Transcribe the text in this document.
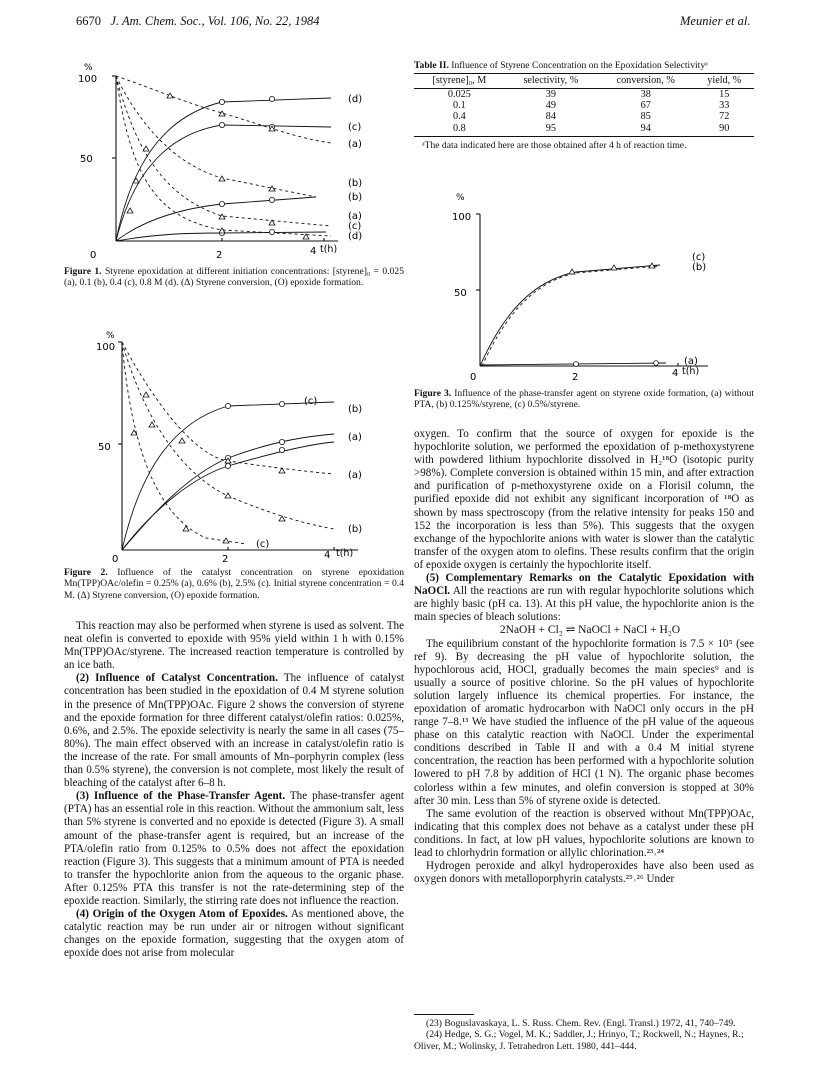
6670 J. Am. Chem. Soc., Vol. 106, No. 22, 1984	Meunier et al.
%
100
50
0	2	4 t(h)
(d)
(c)
(a)
(b)
(b)
(a)
(c)
(d)
Figure 1. Styrene epoxidation at different initiation concentrations: [styrene]₀ = 0.025 (a), 0.1 (b), 0.4 (c), 0.8 M (d). (Δ) Styrene conversion, (O) epoxide formation.
%
100
50
0	2	4 t(h)
(c)
(b)
(a)
(a)
(b)
(c)
Figure 2. Influence of the catalyst concentration on styrene epoxidation Mn(TPP)OAc/olefin = 0.25% (a), 0.6% (b), 2.5% (c). Initial styrene concentration = 0.4 M. (Δ) Styrene conversion, (O) epoxide formation.

This reaction may also be performed when styrene is used as solvent. The neat olefin is converted to epoxide with 95% yield within 1 h with 0.15% Mn(TPP)OAc/styrene. The increased reaction temperature is controlled by an ice bath.

(2) Influence of Catalyst Concentration. The influence of catalyst concentration has been studied in the epoxidation of 0.4 M styrene solution in the presence of Mn(TPP)OAc. Figure 2 shows the conversion of styrene and the epoxide formation for three different catalyst/olefin ratios: 0.025%, 0.6%, and 2.5%. The epoxide selectivity is nearly the same in all cases (75–80%). The main effect observed with an increase in catalyst/olefin ratio is the increase of the rate. For small amounts of Mn–porphyrin complex (less than 0.5% styrene), the conversion is not complete, most likely the result of bleaching of the catalyst after 6–8 h.

(3) Influence of the Phase-Transfer Agent. The phase-transfer agent (PTA) has an essential role in this reaction. Without the ammonium salt, less than 5% styrene is converted and no epoxide is detected (Figure 3). A small amount of the phase-transfer agent is required, but an increase of the PTA/olefin ratio from 0.125% to 0.5% does not affect the epoxidation reaction (Figure 3). This suggests that a minimum amount of PTA is needed to transfer the hypochlorite anion from the aqueous to the organic phase. After 0.125% PTA this transfer is not the rate-determining step of the epoxide reaction. Similarly, the stirring rate does not influence the reaction.

(4) Origin of the Oxygen Atom of Epoxides. As mentioned above, the catalytic reaction may be run under air or nitrogen without significant changes on the epoxide formation, suggesting that the oxygen atom of epoxide does not arise from molecular

Table II. Influence of Styrene Concentration on the Epoxidation Selectivityᵃ
[styrene]₀, M	selectivity, %	conversion, %	yield, %
0.025	39	38	15
0.1	49	67	33
0.4	84	85	72
0.8	95	94	90
ᵃThe data indicated here are those obtained after 4 h of reaction time.
%
100
50
0	2	4 t(h)
(c)
(b)
(a)
Figure 3. Influence of the phase-transfer agent on styrene oxide formation, (a) without PTA, (b) 0.125%/styrene, (c) 0.5%/styrene.

oxygen. To confirm that the source of oxygen for epoxide is the hypochlorite solution, we performed the epoxidation of p-methoxystyrene with powdered lithium hypochlorite dissolved in H₂¹⁸O (isotopic purity >98%). Complete conversion is obtained within 15 min, and after extraction and purification of p-methoxystyrene oxide on a Florisil column, the purified epoxide did not exhibit any significant incorporation of ¹⁸O as shown by mass spectroscopy (from the relative intensity for peaks 150 and 152 the incorporation is less than 5%). This suggests that the oxygen exchange of the hypochlorite anions with water is slower than the catalytic transfer of the oxygen atom to olefins. These results confirm that the origin of epoxide oxygen is certainly the hypochlorite itself.

(5) Complementary Remarks on the Catalytic Epoxidation with NaOCl. All the reactions are run with regular hypochlorite solutions which are highly basic (pH ca. 13). At this pH value, the hypochlorite anion is the main species of bleach solutions:

2NaOH + Cl₂ ⇌ NaOCl + NaCl + H₂O

The equilibrium constant of the hypochlorite formation is 7.5 × 10⁵ (see ref 9). By decreasing the pH value of hypochlorite solution, the hypochlorous acid, HOCl, gradually becomes the main species⁹ and is usually a source of positive chlorine. So the pH values of hypochlorite solution largely influence its chemical properties. For instance, the epoxidation of aromatic hydrocarbon with NaOCl only occurs in the pH range 7–8.¹³ We have studied the influence of the pH value of the aqueous phase on this catalytic reaction with NaOCl. Under the experimental conditions described in Table II and with a 0.4 M initial styrene concentration, the reaction has been performed with a hypochlorite solution lowered to pH 7.8 by addition of HCl (1 N). The organic phase becomes colorless within a few minutes, and olefin conversion is stopped at 30% after 30 min. Less than 5% of styrene oxide is detected.

The same evolution of the reaction is observed without Mn(TPP)OAc, indicating that this complex does not behave as a catalyst under these pH conditions. In fact, at low pH values, hypochlorite solutions are known to lead to chlorhydrin formation or allylic chlorination.²³˒²⁴

Hydrogen peroxide and alkyl hydroperoxides have also been used as oxygen donors with metalloporphyrin catalysts.²⁵˒²⁶ Under

(23) Boguslavaskaya, L. S. Russ. Chem. Rev. (Engl. Transl.) 1972, 41, 740–749.
(24) Hedge, S. G.; Vogel, M. K.; Saddler, J.; Hrinyo, T.; Rockwell, N.; Haynes, R.; Oliver, M.; Wolinsky, J. Tetrahedron Lett. 1980, 441–444.
